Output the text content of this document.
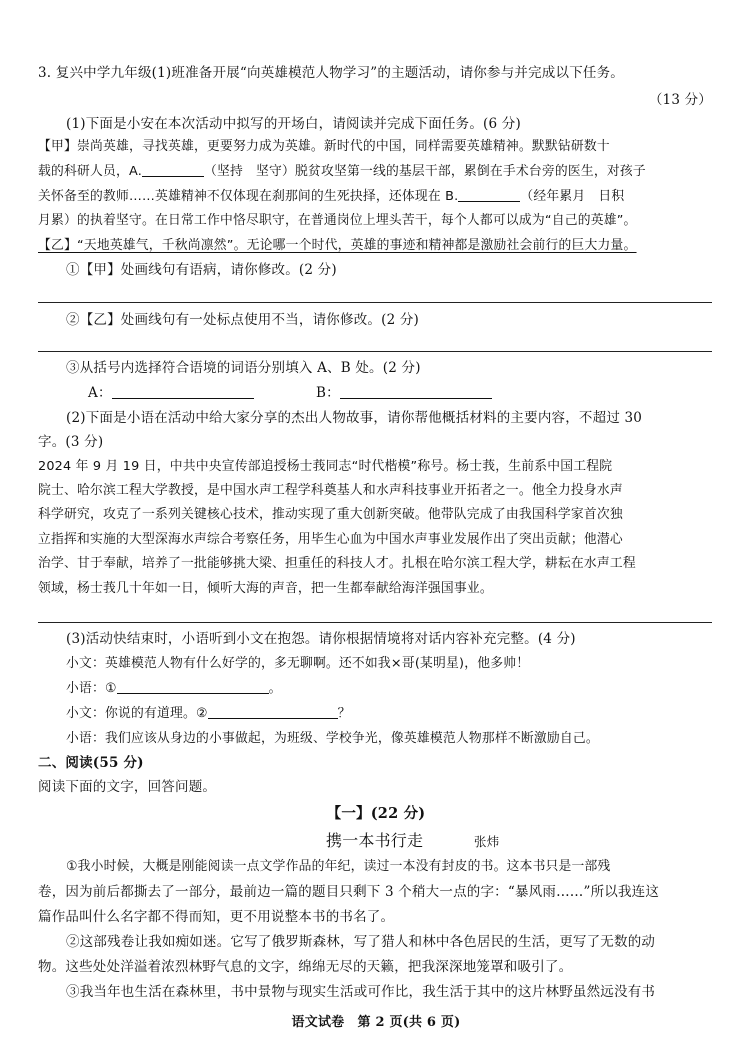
3. 复兴中学九年级(1)班准备开展“向英雄模范人物学习”的主题活动，请你参与并完成以下任务。
（13 分）
(1)下面是小安在本次活动中拟写的开场白，请阅读并完成下面任务。(6 分)
【甲】崇尚英雄，寻找英雄，更要努力成为英雄。新时代的中国，同样需要英雄精神。默默钻研数十
载的科研人员，A.	（坚持　坚守）脱贫攻坚第一线的基层干部，累倒在手术台旁的医生，对孩子
关怀备至的教师……英雄精神不仅体现在刹那间的生死抉择，还体现在 B.	（经年累月　日积
月累）的执着坚守。在日常工作中恪尽职守，在普通岗位上埋头苦干，每个人都可以成为“自己的英雄”。
【乙】“天地英雄气，千秋尚凛然”。无论哪一个时代，英雄的事迹和精神都是激励社会前行的巨大力量。
①【甲】处画线句有语病，请你修改。(2 分)
②【乙】处画线句有一处标点使用不当，请你修改。(2 分)
③从括号内选择符合语境的词语分别填入 A、B 处。(2 分)
A：	B：
(2)下面是小语在活动中给大家分享的杰出人物故事，请你帮他概括材料的主要内容，不超过 30
字。(3 分)
2024 年 9 月 19 日，中共中央宣传部追授杨士莪同志“时代楷模”称号。杨士莪，生前系中国工程院
院士、哈尔滨工程大学教授，是中国水声工程学科奠基人和水声科技事业开拓者之一。他全力投身水声
科学研究，攻克了一系列关键核心技术，推动实现了重大创新突破。他带队完成了由我国科学家首次独
立指挥和实施的大型深海水声综合考察任务，用毕生心血为中国水声事业发展作出了突出贡献；他潜心
治学、甘于奉献，培养了一批能够挑大梁、担重任的科技人才。扎根在哈尔滨工程大学，耕耘在水声工程
领域，杨士莪几十年如一日，倾听大海的声音，把一生都奉献给海洋强国事业。
(3)活动快结束时，小语听到小文在抱怨。请你根据情境将对话内容补充完整。(4 分)
小文：英雄模范人物有什么好学的，多无聊啊。还不如我×哥(某明星)，他多帅！
小语：①	。
小文：你说的有道理。②	？
小语：我们应该从身边的小事做起，为班级、学校争光，像英雄模范人物那样不断激励自己。
二、阅读(55 分)
阅读下面的文字，回答问题。
【一】(22 分)
携一本书行走	张炜
①我小时候，大概是刚能阅读一点文学作品的年纪，读过一本没有封皮的书。这本书只是一部残
卷，因为前后都撕去了一部分，最前边一篇的题目只剩下 3 个稍大一点的字：“暴风雨……”所以我连这
篇作品叫什么名字都不得而知，更不用说整本书的书名了。
②这部残卷让我如痴如迷。它写了俄罗斯森林，写了猎人和林中各色居民的生活，更写了无数的动
物。这些处处洋溢着浓烈林野气息的文字，绵绵无尽的天籁，把我深深地笼罩和吸引了。
③我当年也生活在森林里，书中景物与现实生活或可作比，我生活于其中的这片林野虽然远没有书
语文试卷　第 2 页(共 6 页)
